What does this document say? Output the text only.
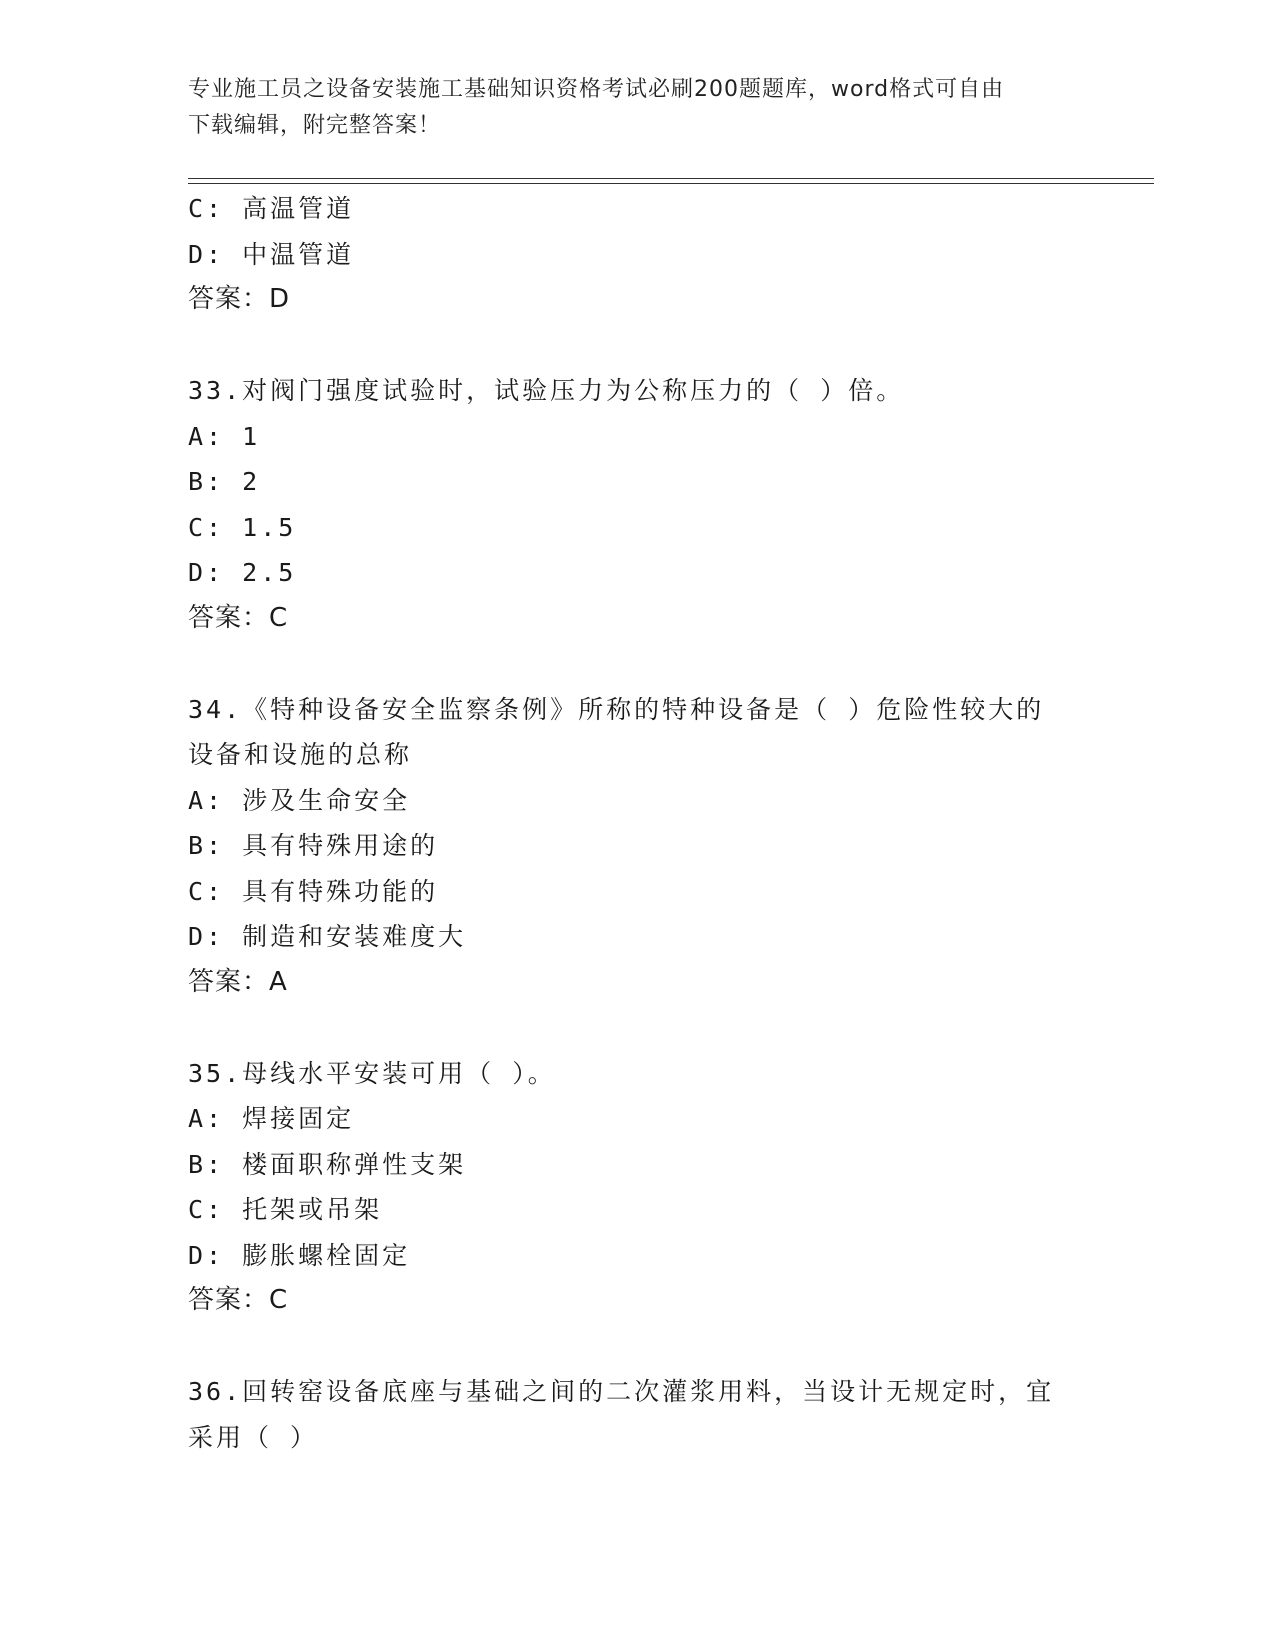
专业施工员之设备安装施工基础知识资格考试必刷200题题库，word格式可自由

下载编辑，附完整答案！

C: 高温管道
D: 中温管道
答案：D
33.对阀门强度试验时，试验压力为公称压力的（ ）倍。
A: 1
B: 2
C: 1.5
D: 2.5
答案：C
34.《特种设备安全监察条例》所称的特种设备是（ ）危险性较大的
设备和设施的总称
A: 涉及生命安全
B: 具有特殊用途的
C: 具有特殊功能的
D: 制造和安装难度大
答案：A
35.母线水平安装可用（ ）。
A: 焊接固定
B: 楼面职称弹性支架
C: 托架或吊架
D: 膨胀螺栓固定
答案：C
36.回转窑设备底座与基础之间的二次灌浆用料，当设计无规定时，宜
采用（ ）
